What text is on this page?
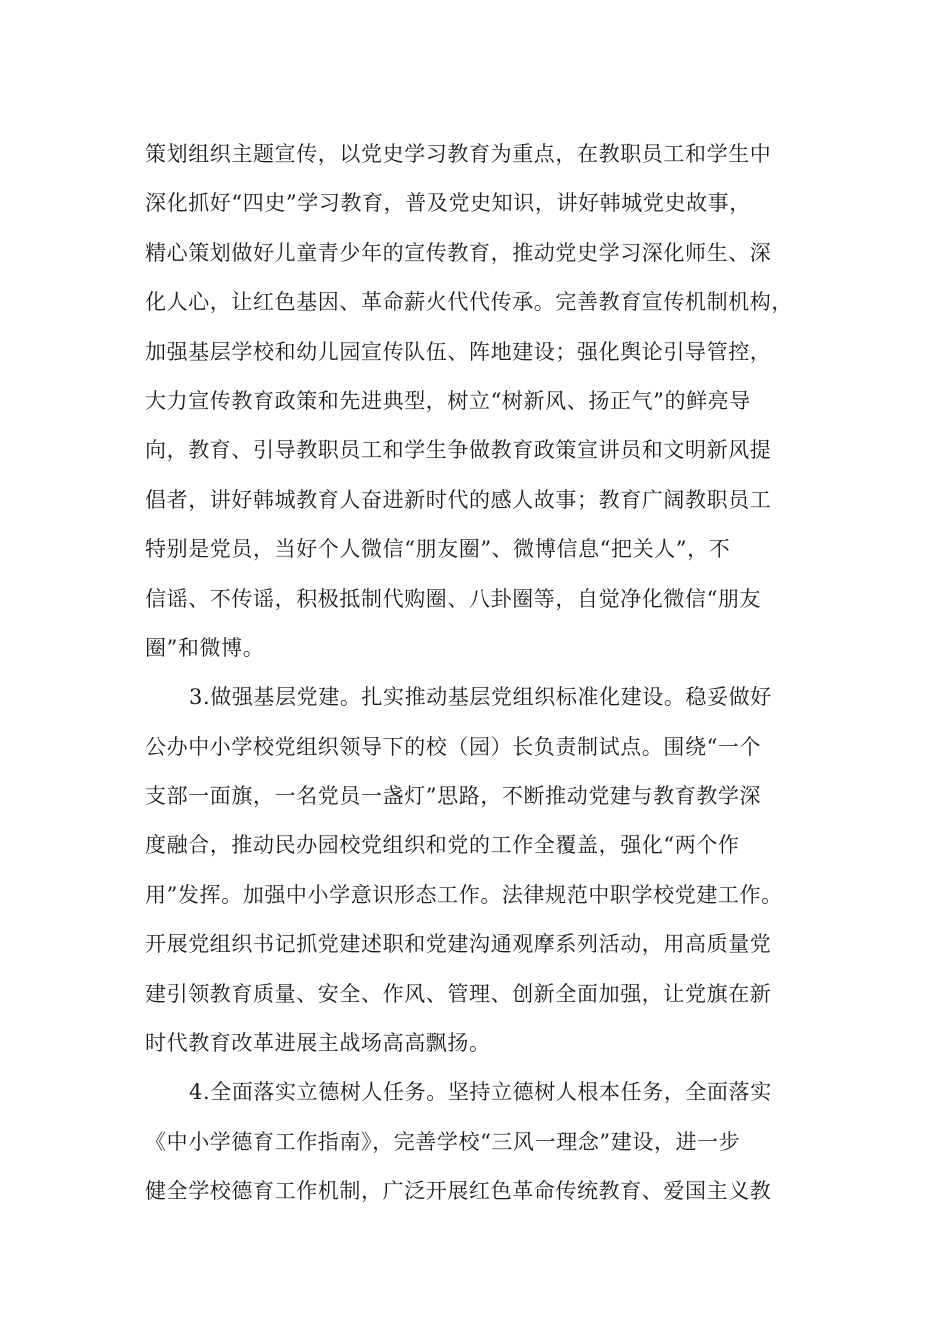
策划组织主题宣传，以党史学习教育为重点，在教职员工和学生中
深化抓好“四史”学习教育，普及党史知识，讲好韩城党史故事，
精心策划做好儿童青少年的宣传教育，推动党史学习深化师生、深
化人心，让红色基因、革命薪火代代传承。完善教育宣传机制机构，
加强基层学校和幼儿园宣传队伍、阵地建设；强化舆论引导管控，
大力宣传教育政策和先进典型，树立“树新风、扬正气”的鲜亮导
向，教育、引导教职员工和学生争做教育政策宣讲员和文明新风提
倡者，讲好韩城教育人奋进新时代的感人故事；教育广阔教职员工
特别是党员，当好个人微信“朋友圈”、微博信息“把关人”，不
信谣、不传谣，积极抵制代购圈、八卦圈等，自觉净化微信“朋友
圈”和微博。
3.做强基层党建。扎实推动基层党组织标准化建设。稳妥做好
公办中小学校党组织领导下的校（园）长负责制试点。围绕“一个
支部一面旗，一名党员一盏灯”思路，不断推动党建与教育教学深
度融合，推动民办园校党组织和党的工作全覆盖，强化“两个作
用”发挥。加强中小学意识形态工作。法律规范中职学校党建工作。
开展党组织书记抓党建述职和党建沟通观摩系列活动，用高质量党
建引领教育质量、安全、作风、管理、创新全面加强，让党旗在新
时代教育改革进展主战场高高飘扬。
4.全面落实立德树人任务。坚持立德树人根本任务，全面落实
《中小学德育工作指南》，完善学校“三风一理念”建设，进一步
健全学校德育工作机制，广泛开展红色革命传统教育、爱国主义教
